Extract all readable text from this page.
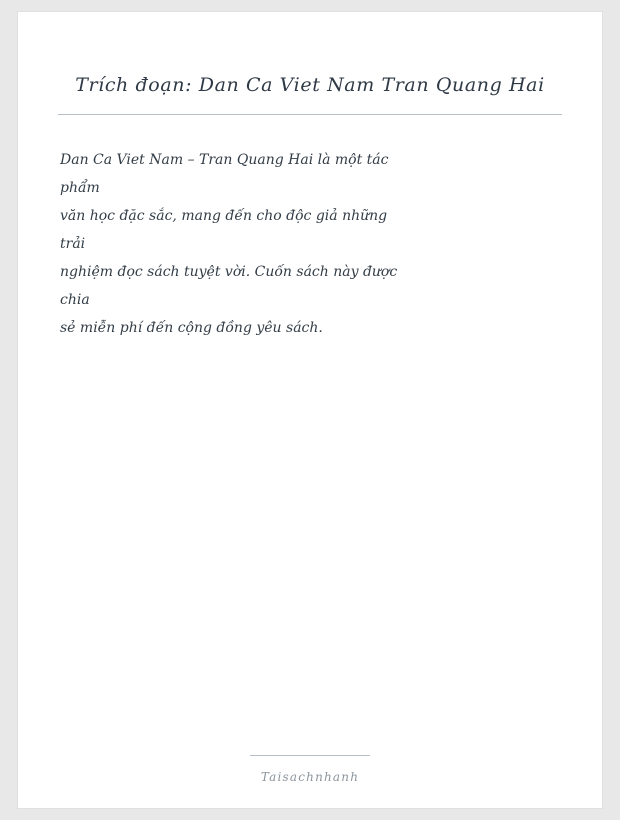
Trích đoạn: Dan Ca Viet Nam Tran Quang Hai
Dan Ca Viet Nam – Tran Quang Hai là một tác
phẩm
văn học đặc sắc, mang đến cho độc giả những
trải
nghiệm đọc sách tuyệt vời. Cuốn sách này được
chia
sẻ miễn phí đến cộng đồng yêu sách.
Taisachnhanh
